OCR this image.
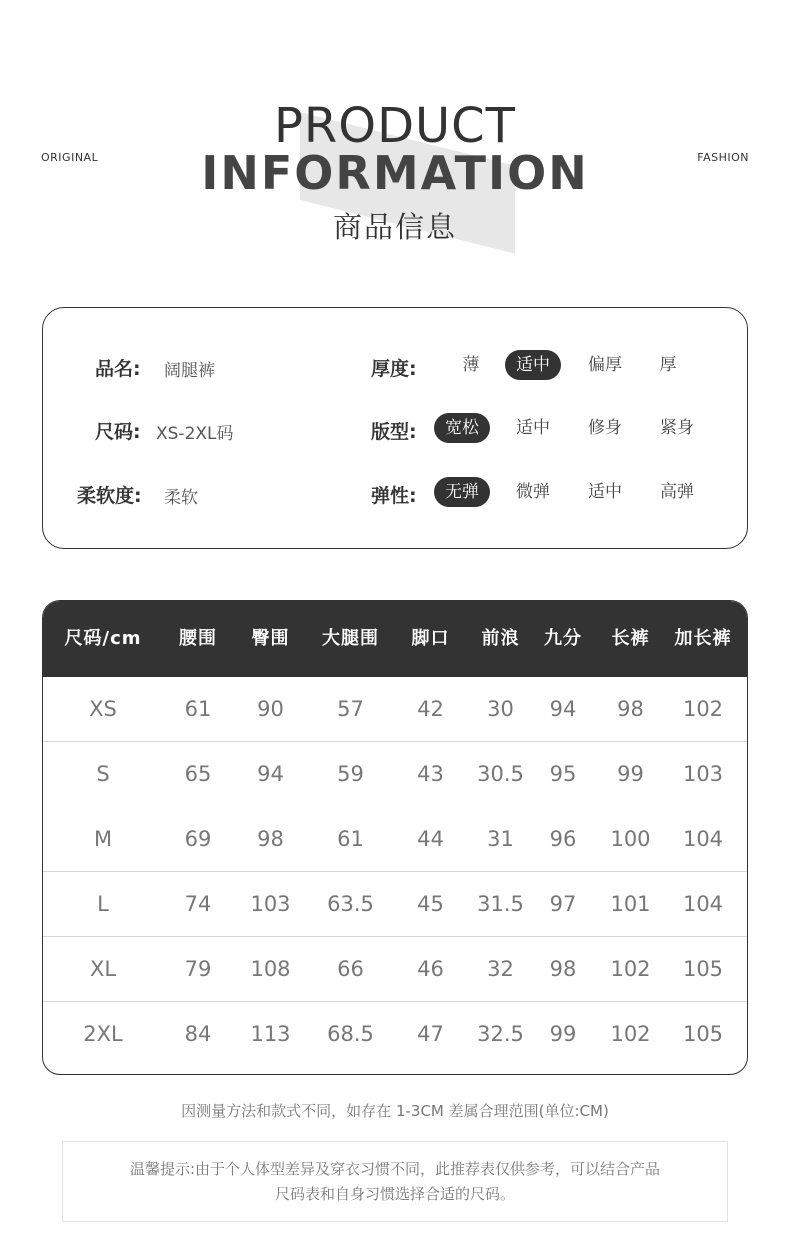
ORIGINAL	FASHION
PRODUCT
INFORMATION
商品信息
品名: 阔腿裤
尺码: XS-2XL码
柔软度: 柔软
厚度:	薄	适中	偏厚	厚
版型:	宽松	适中	修身	紧身
弹性:	无弹	微弹	适中	高弹
尺码/cm	腰围	臀围	大腿围	脚口	前浪	九分	长裤	加长裤
XS	61	90	57	42	30	94	98	102
S	65	94	59	43	30.5	95	99	103
M	69	98	61	44	31	96	100	104
L	74	103	63.5	45	31.5	97	101	104
XL	79	108	66	46	32	98	102	105
2XL	84	113	68.5	47	32.5	99	102	105
因测量方法和款式不同，如存在 1-3CM 差属合理范围(单位:CM)
温馨提示:由于个人体型差异及穿衣习惯不同，此推荐表仅供参考，可以结合产品
尺码表和自身习惯选择合适的尺码。
